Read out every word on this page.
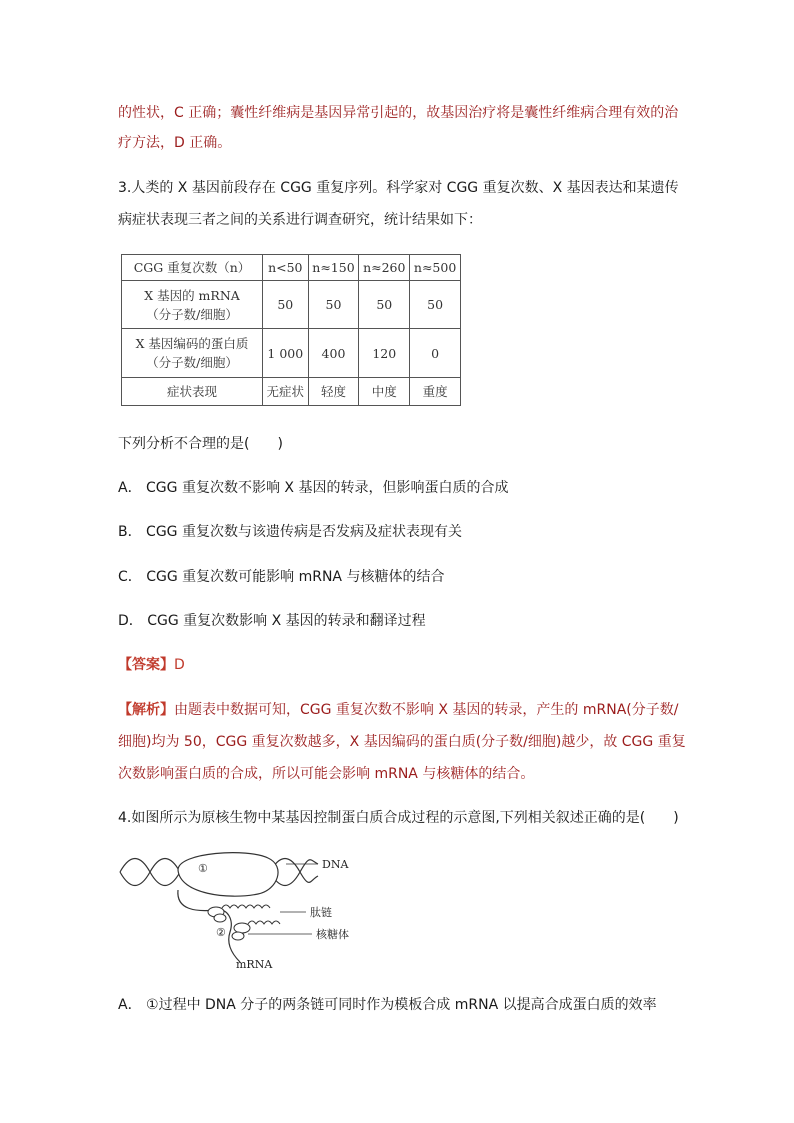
的性状，C 正确；囊性纤维病是基因异常引起的，故基因治疗将是囊性纤维病合理有效的治
疗方法，D 正确。
3.人类的 X 基因前段存在 CGG 重复序列。科学家对 CGG 重复次数、X 基因表达和某遗传
病症状表现三者之间的关系进行调查研究，统计结果如下：
CGG 重复次数（n）	n<50	n≈150	n≈260	n≈500

X 基因的 mRNA
（分子数/细胞）	50	50	50	50

X 基因编码的蛋白质
（分子数/细胞）	1 000	400	120	0
症状表现	无症状	轻度	中度	重度
下列分析不合理的是(　　)
A． CGG 重复次数不影响 X 基因的转录，但影响蛋白质的合成
B． CGG 重复次数与该遗传病是否发病及症状表现有关
C． CGG 重复次数可能影响 mRNA 与核糖体的结合
D． CGG 重复次数影响 X 基因的转录和翻译过程
【答案】D
【解析】由题表中数据可知，CGG 重复次数不影响 X 基因的转录，产生的 mRNA(分子数/
细胞)均为 50，CGG 重复次数越多，X 基因编码的蛋白质(分子数/细胞)越少，故 CGG 重复
次数影响蛋白质的合成，所以可能会影响 mRNA 与核糖体的结合。
4.如图所示为原核生物中某基因控制蛋白质合成过程的示意图,下列相关叙述正确的是(　　)
①
②
DNA
肽链
核糖体
mRNA
A． ①过程中 DNA 分子的两条链可同时作为模板合成 mRNA 以提高合成蛋白质的效率
